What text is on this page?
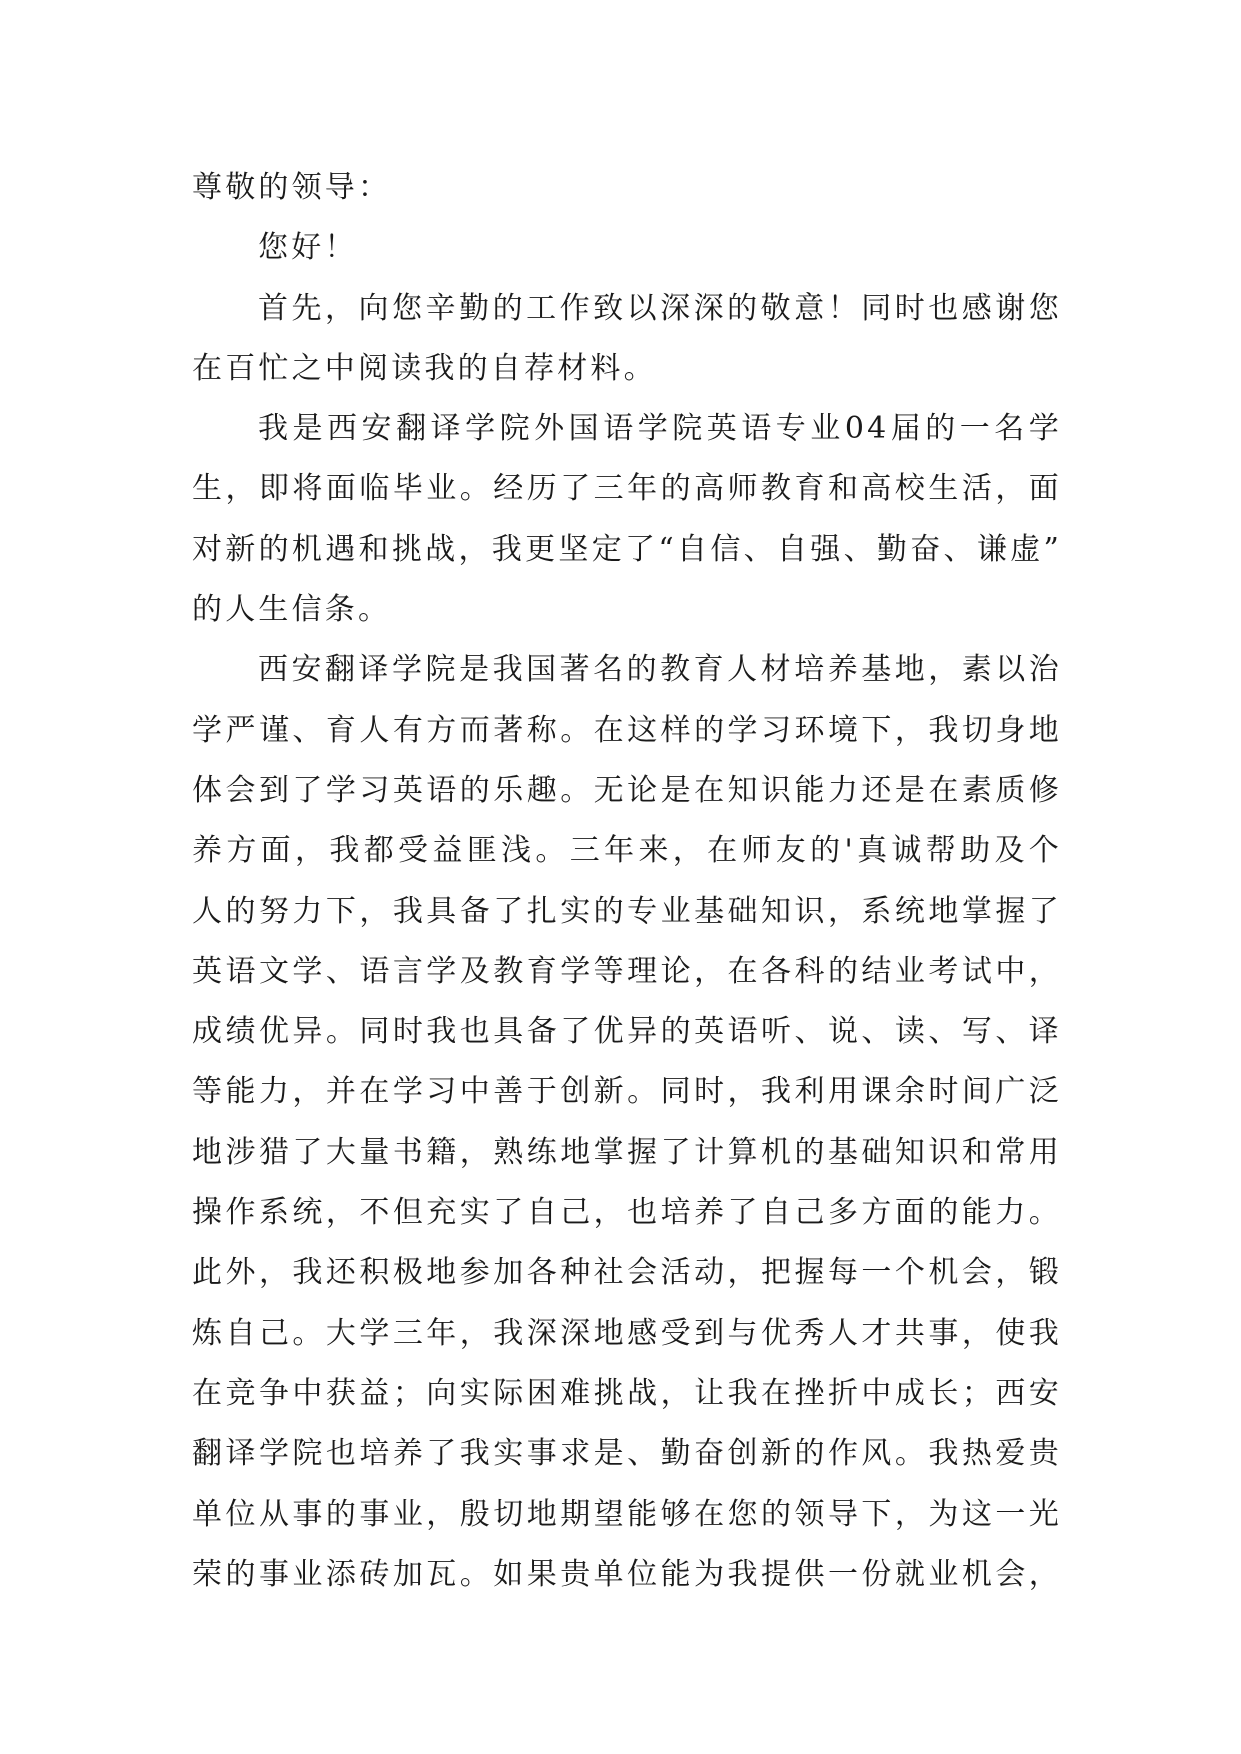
尊敬的领导：
您好！
首先，向您辛勤的工作致以深深的敬意！同时也感谢您
在百忙之中阅读我的自荐材料。
我是西安翻译学院外国语学院英语专业04届的一名学
生，即将面临毕业。经历了三年的高师教育和高校生活，面
对新的机遇和挑战，我更坚定了“自信、自强、勤奋、谦虚”
的人生信条。
西安翻译学院是我国著名的教育人材培养基地，素以治
学严谨、育人有方而著称。在这样的学习环境下，我切身地
体会到了学习英语的乐趣。无论是在知识能力还是在素质修
养方面，我都受益匪浅。三年来，在师友的'真诚帮助及个
人的努力下，我具备了扎实的专业基础知识，系统地掌握了
英语文学、语言学及教育学等理论，在各科的结业考试中，
成绩优异。同时我也具备了优异的英语听、说、读、写、译
等能力，并在学习中善于创新。同时，我利用课余时间广泛
地涉猎了大量书籍，熟练地掌握了计算机的基础知识和常用
操作系统，不但充实了自己，也培养了自己多方面的能力。
此外，我还积极地参加各种社会活动，把握每一个机会，锻
炼自己。大学三年，我深深地感受到与优秀人才共事，使我
在竞争中获益；向实际困难挑战，让我在挫折中成长；西安
翻译学院也培养了我实事求是、勤奋创新的作风。我热爱贵
单位从事的事业，殷切地期望能够在您的领导下，为这一光
荣的事业添砖加瓦。如果贵单位能为我提供一份就业机会，
